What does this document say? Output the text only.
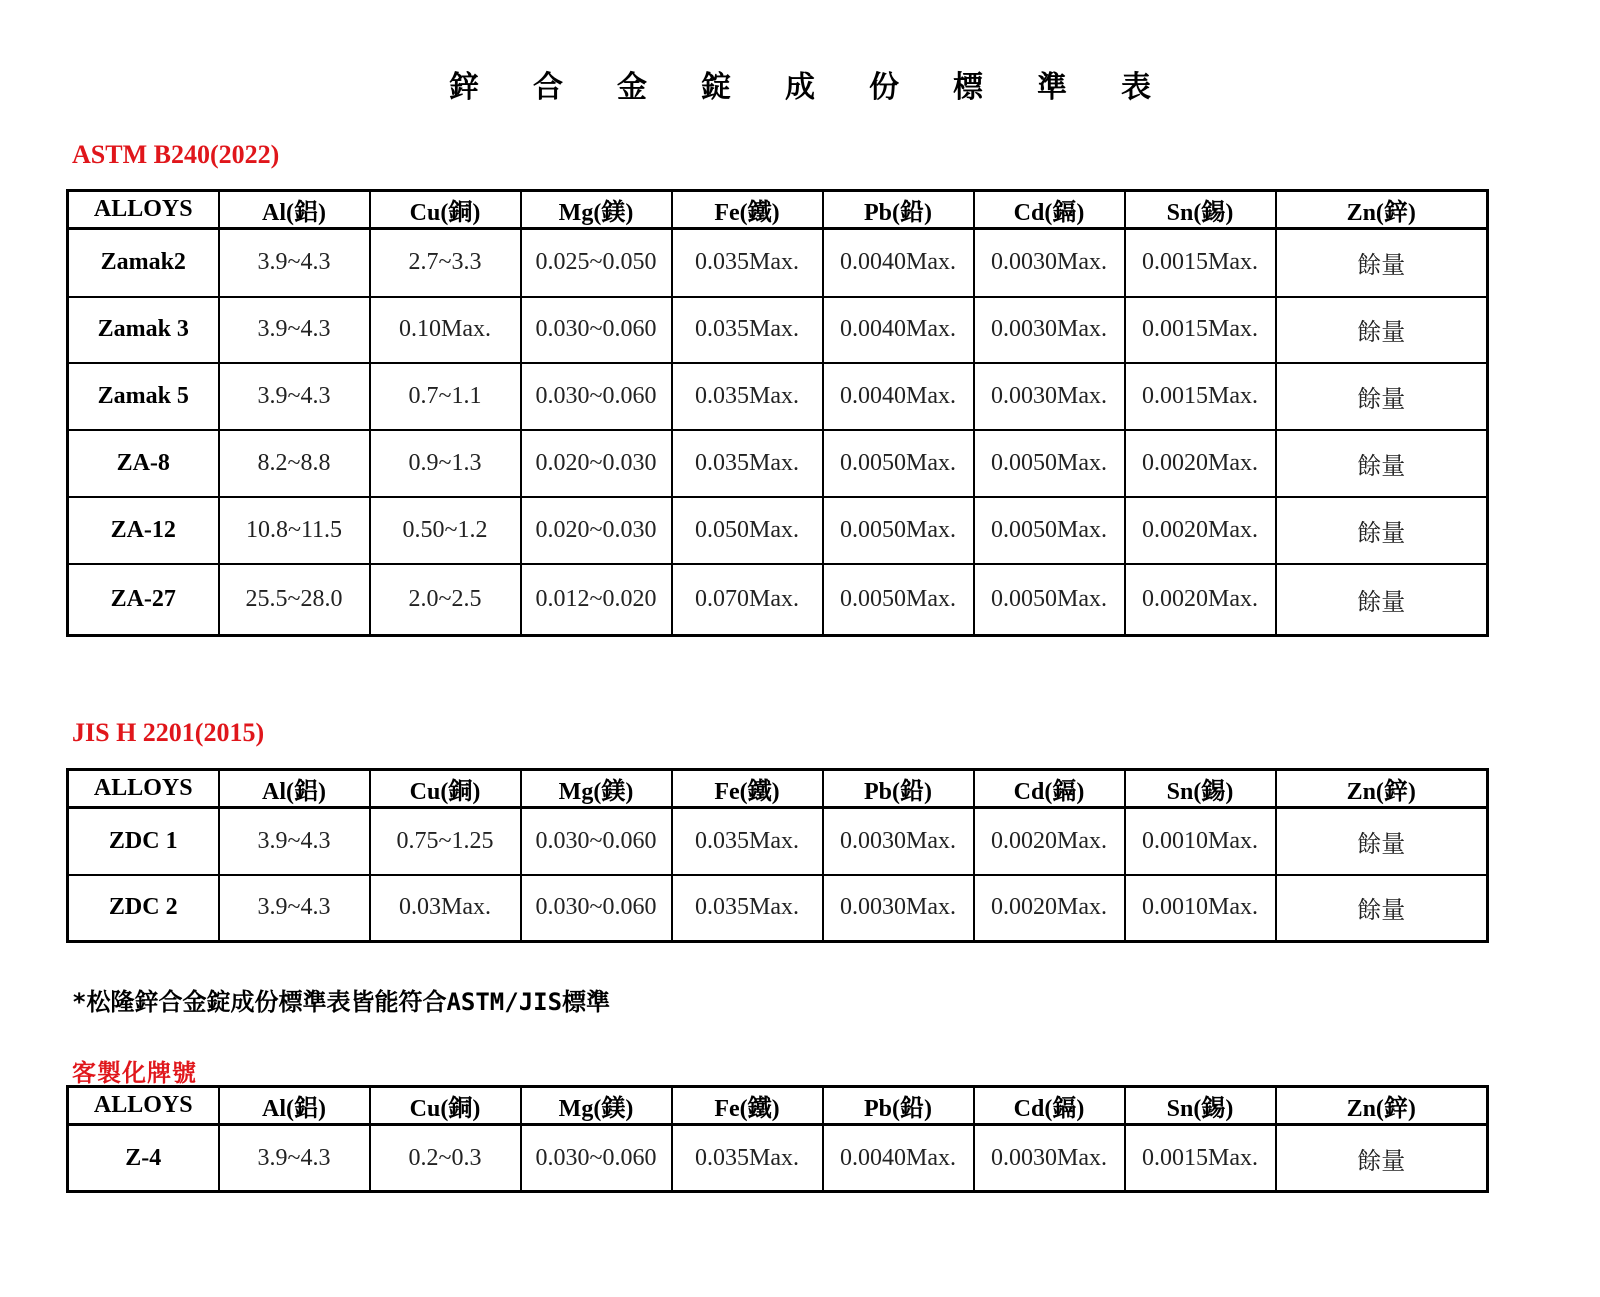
鋅合金錠成份標準表
ASTM B240(2022)
ALLOYS	Al(鋁)	Cu(銅)	Mg(鎂)	Fe(鐵)	Pb(鉛)	Cd(鎘)	Sn(錫)	Zn(鋅)
Zamak2	3.9~4.3	2.7~3.3	0.025~0.050	0.035Max.	0.0040Max.	0.0030Max.	0.0015Max.	餘量
Zamak 3	3.9~4.3	0.10Max.	0.030~0.060	0.035Max.	0.0040Max.	0.0030Max.	0.0015Max.	餘量
Zamak 5	3.9~4.3	0.7~1.1	0.030~0.060	0.035Max.	0.0040Max.	0.0030Max.	0.0015Max.	餘量
ZA-8	8.2~8.8	0.9~1.3	0.020~0.030	0.035Max.	0.0050Max.	0.0050Max.	0.0020Max.	餘量
ZA-12	10.8~11.5	0.50~1.2	0.020~0.030	0.050Max.	0.0050Max.	0.0050Max.	0.0020Max.	餘量
ZA-27	25.5~28.0	2.0~2.5	0.012~0.020	0.070Max.	0.0050Max.	0.0050Max.	0.0020Max.	餘量
JIS H 2201(2015)
ALLOYS	Al(鋁)	Cu(銅)	Mg(鎂)	Fe(鐵)	Pb(鉛)	Cd(鎘)	Sn(錫)	Zn(鋅)
ZDC 1	3.9~4.3	0.75~1.25	0.030~0.060	0.035Max.	0.0030Max.	0.0020Max.	0.0010Max.	餘量
ZDC 2	3.9~4.3	0.03Max.	0.030~0.060	0.035Max.	0.0030Max.	0.0020Max.	0.0010Max.	餘量
*松隆鋅合金錠成份標準表皆能符合ASTM/JIS標準
客製化牌號
ALLOYS	Al(鋁)	Cu(銅)	Mg(鎂)	Fe(鐵)	Pb(鉛)	Cd(鎘)	Sn(錫)	Zn(鋅)
Z-4	3.9~4.3	0.2~0.3	0.030~0.060	0.035Max.	0.0040Max.	0.0030Max.	0.0015Max.	餘量
